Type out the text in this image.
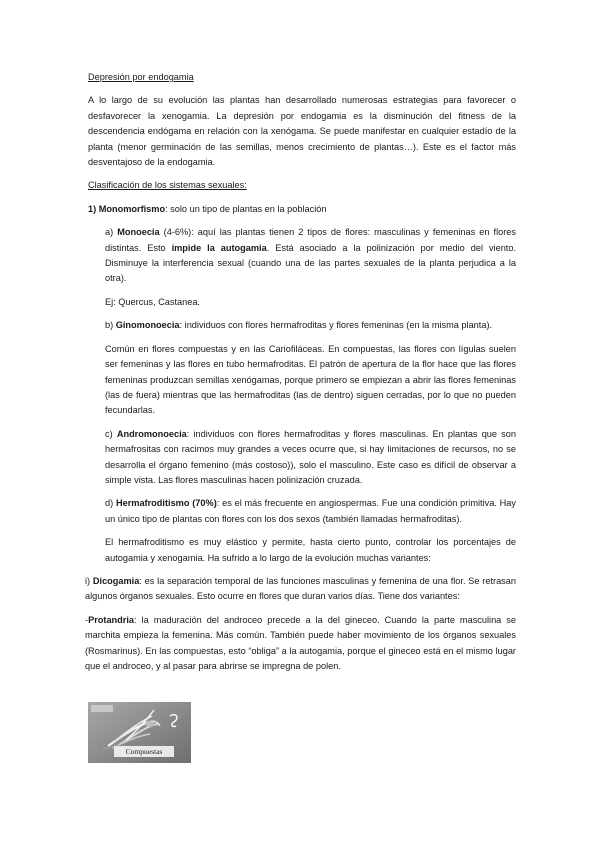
Depresión por endogamia

A lo largo de su evolución las plantas han desarrollado numerosas estrategias para favorecer o desfavorecer la xenogamia. La depresión por endogamia es la disminución del fitness de la descendencia endógama en relación con la xenógama. Se puede manifestar en cualquier estadío de la planta (menor germinación de las semillas, menos crecimiento de plantas…). Este es el factor más desventajoso de la endogamia.

Clasificación de los sistemas sexuales:

1) Monomorfismo: solo un tipo de plantas en la población

a) Monoecia (4-6%): aquí las plantas tienen 2 tipos de flores: masculinas y femeninas en flores distintas. Esto impide la autogamia. Está asociado a la polinización por medio del viento. Disminuye la interferencia sexual (cuando una de las partes sexuales de la planta perjudica a la otra).

Ej: Quercus, Castanea.

b) Ginomonoecia: individuos con flores hermafroditas y flores femeninas (en la misma planta).

Común en flores compuestas y en las Cariofiláceas. En compuestas, las flores con lígulas suelen ser femeninas y las flores en tubo hermafroditas. El patrón de apertura de la flor hace que las flores femeninas produzcan semillas xenógamas, porque primero se empiezan a abrir las flores femeninas (las de fuera) mientras que las hermafroditas (las de dentro) siguen cerradas, por lo que no pueden fecundarlas.

c) Andromonoecia: individuos con flores hermafroditas y flores masculinas. En plantas que son hermafrositas con racimos muy grandes a veces ocurre que, si hay limitaciones de recursos, no se desarrolla el órgano femenino (más costoso)), solo el masculino. Este caso es difícil de observar a simple vista. Las flores masculinas hacen polinización cruzada.

d) Hermafroditismo (70%): es el más frecuente en angiospermas. Fue una condición primitiva. Hay un único tipo de plantas con flores con los dos sexos (también llamadas hermafroditas).

El hermafroditismo es muy elástico y permite, hasta cierto punto, controlar los porcentajes de autogamia y xenogamia. Ha sufrido a lo largo de la evolución muchas variantes:

i) Dicogamia: es la separación temporal de las funciones masculinas y femenina de una flor. Se retrasan algunos órganos sexuales. Esto ocurre en flores que duran varios días. Tiene dos variantes:

-Protandria: la maduración del androceo precede a la del gineceo. Cuando la parte masculina se marchita empieza la femenina. Más común. También puede haber movimiento de los órganos sexuales (Rosmarinus). En las compuestas, esto “obliga” a la autogamia, porque el gineceo está en el mismo lugar que el androceo, y al pasar para abrirse se impregna de polen.

Compuestas
